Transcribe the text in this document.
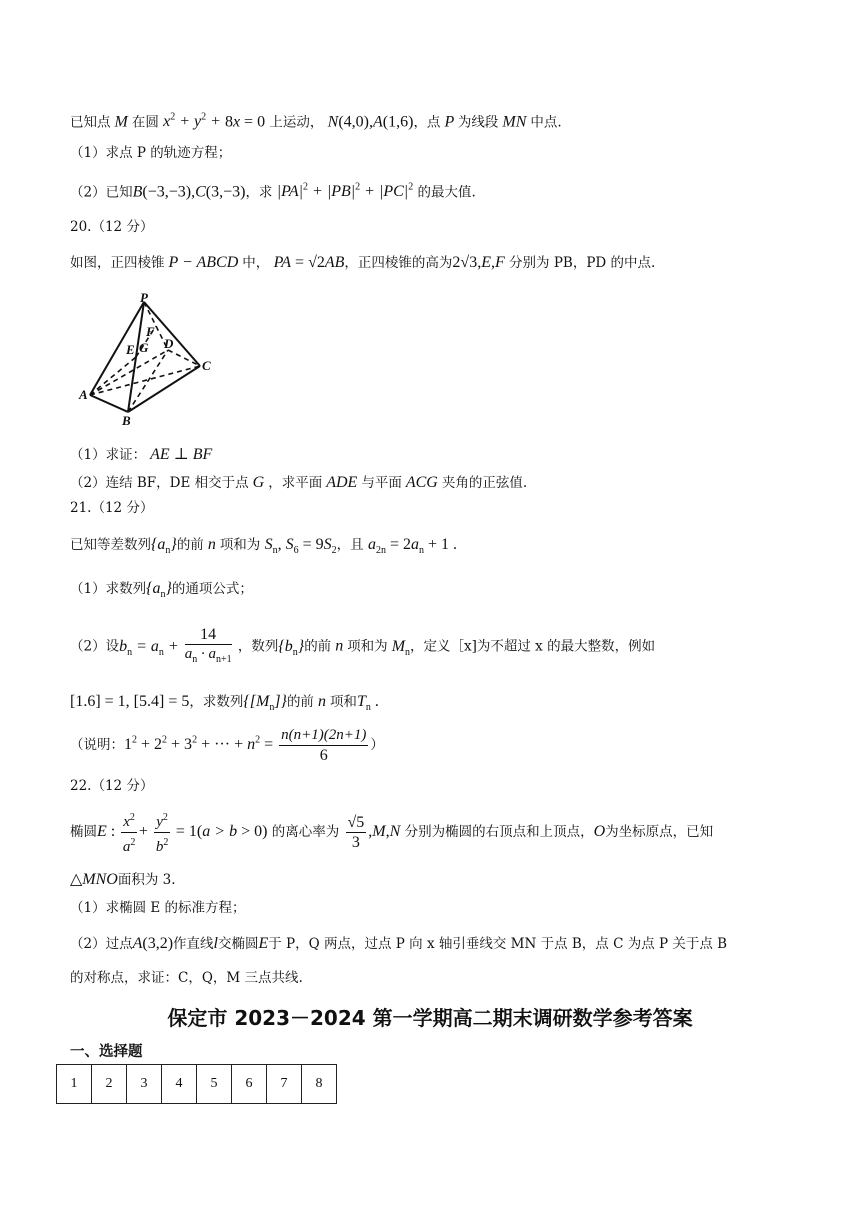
已知点 M 在圆 $x^2 + y^2 + 8x = 0$ 上运动， N(4,0),A(1,6)，点 P 为线段 MN 中点.
（1）求点 P 的轨迹方程；
（2）已知B(−3,−3),C(3,−3)，求 $|PA|^2 + |PB|^2 + |PC|^2$ 的最大值.
20.（12 分）
如图，正四棱锥 P − ABCD 中， PA = √2AB，正四棱锥的高为2√3,E,F 分别为 PB，PD 的中点.
P
F
E G D
C
A
B
（1）求证： AE ⊥ BF
（2）连结 BF，DE 相交于点 G ，求平面 ADE 与平面 ACG 夹角的正弦值.
21.（12 分）
已知等差数列$\{a_n\}$的前 n 项和为 $S_n$, $S_6 = 9S_2$，且 $a_{2n} = 2a_n + 1$ .
（1）求数列$\{a_n\}$的通项公式；
（2）设$b_n = a_n + \frac{14}{a_n \cdot a_{n+1}}$ ，数列$\{b_n\}$的前 n 项和为 $M_n$，定义［x]为不超过 x 的最大整数，例如
[1.6] = 1, [5.4] = 5，求数列$\{[M_n]\}$的前 n 项和$T_n$ .
（说明：$1^2 + 2^2 + 3^2$ + ··· + $n^2 = \frac{n(n+1)(2n+1)}{6}$ ）
22.（12 分）
椭圆E : $\frac{x^2}{a^2} + \frac{y^2}{b^2} = 1(a > b > 0)$ 的离心率为 $\frac{√5}{3} ,M,N$ 分别为椭圆的右顶点和上顶点，O为坐标原点，已知
△MNO面积为 3.
（1）求椭圆 E 的标准方程；
（2）过点A(3,2)作直线l交椭圆E于 P，Q 两点，过点 P 向 x 轴引垂线交 MN 于点 B，点 C 为点 P 关于点 B
的对称点，求证：C，Q，M 三点共线.
保定市 2023－2024 第一学期高二期末调研数学参考答案
一、选择题
1	2	3	4	5	6	7	8
